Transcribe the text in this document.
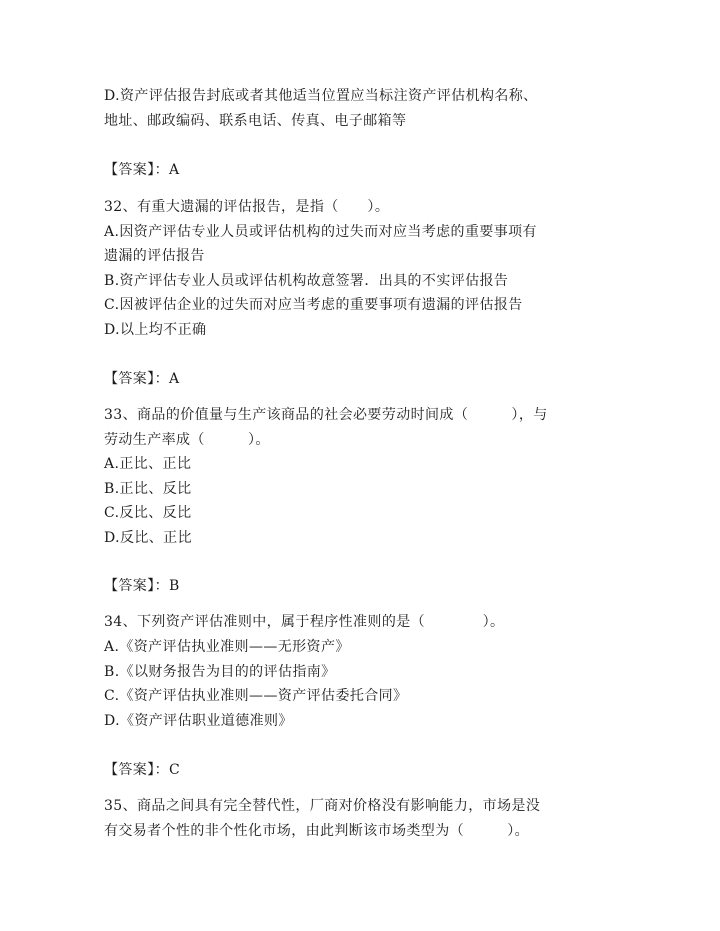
D.资产评估报告封底或者其他适当位置应当标注资产评估机构名称、
地址、邮政编码、联系电话、传真、电子邮箱等
【答案】：A
32、有重大遗漏的评估报告，是指（　　）。
A.因资产评估专业人员或评估机构的过失而对应当考虑的重要事项有
遗漏的评估报告
B.资产评估专业人员或评估机构故意签署．出具的不实评估报告
C.因被评估企业的过失而对应当考虑的重要事项有遗漏的评估报告
D.以上均不正确
【答案】：A
33、商品的价值量与生产该商品的社会必要劳动时间成（　　　），与
劳动生产率成（　　　）。
A.正比、正比
B.正比、反比
C.反比、反比
D.反比、正比
【答案】：B
34、下列资产评估准则中，属于程序性准则的是（　　　　）。
A.《资产评估执业准则——无形资产》
B.《以财务报告为目的的评估指南》
C.《资产评估执业准则——资产评估委托合同》
D.《资产评估职业道德准则》
【答案】：C
35、商品之间具有完全替代性，厂商对价格没有影响能力，市场是没
有交易者个性的非个性化市场，由此判断该市场类型为（　　　）。
